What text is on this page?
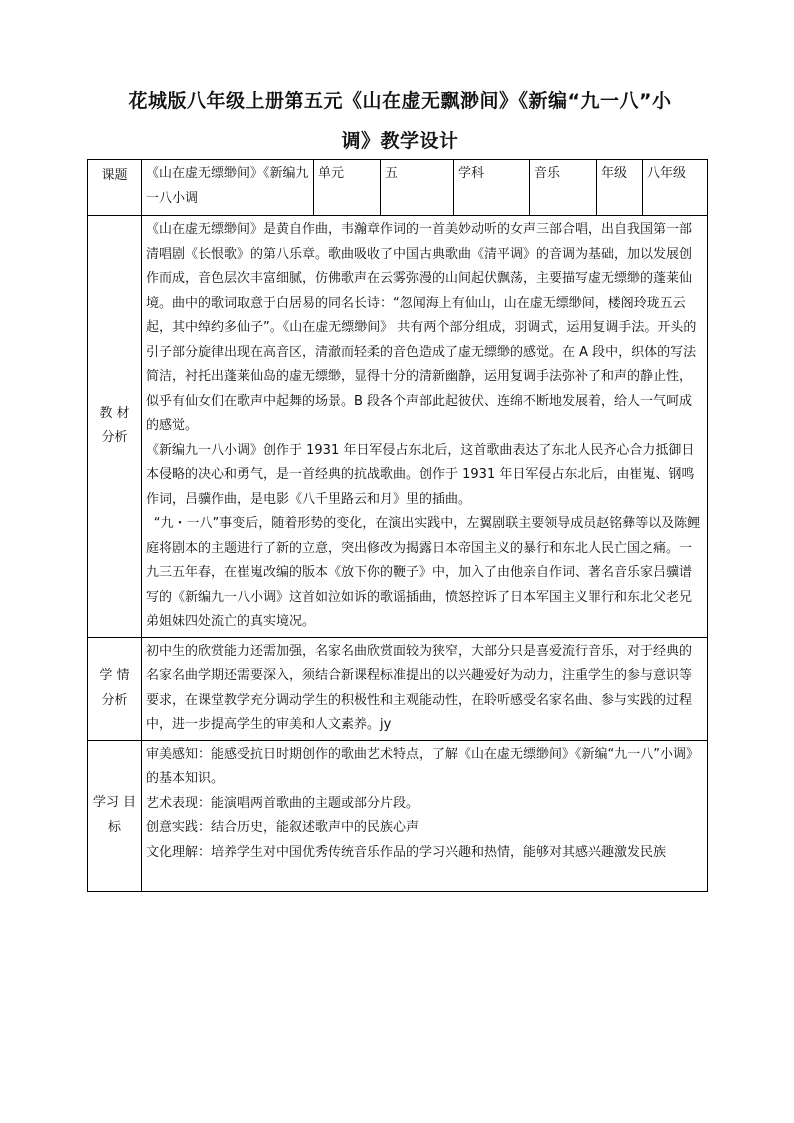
花城版八年级上册第五元《山在虚无飘渺间》《新编“九一八”小
调》教学设计
课题	《山在虚无缥缈间》《新编九一八小调	单元	五	学科	音乐	年级	八年级
教 材 分析	《山在虚无缥缈间》是黄自作曲，韦瀚章作词的一首美妙动听的女声三部合唱，出自我国第一部清唱剧《长恨歌》的第八乐章。歌曲吸收了中国古典歌曲《清平调》的音调为基础，加以发展创作而成，音色层次丰富细腻，仿佛歌声在云雾弥漫的山间起伏飘荡，主要描写虚无缥缈的蓬莱仙境。曲中的歌词取意于白居易的同名长诗：“忽闻海上有仙山，山在虚无缥缈间，楼阁玲珑五云起，其中绰约多仙子”。《山在虚无缥缈间》 共有两个部分组成，羽调式，运用复调手法。开头的引子部分旋律出现在高音区，清澈而轻柔的音色造成了虚无缥缈的感觉。在 A 段中，织体的写法简洁，衬托出蓬莱仙岛的虚无缥缈，显得十分的清新幽静，运用复调手法弥补了和声的静止性，似乎有仙女们在歌声中起舞的场景。B 段各个声部此起彼伏、连绵不断地发展着，给人一气呵成的感觉。

《新编九一八小调》创作于 1931 年日军侵占东北后，这首歌曲表达了东北人民齐心合力抵御日本侵略的决心和勇气，是一首经典的抗战歌曲。创作于 1931 年日军侵占东北后，由崔嵬、钢鸣作词，吕骥作曲，是电影《八千里路云和月》里的插曲。

“九・一八”事变后，随着形势的变化，在演出实践中，左翼剧联主要领导成员赵铭彝等以及陈鲤庭将剧本的主题进行了新的立意，突出修改为揭露日本帝国主义的暴行和东北人民亡国之痛。一九三五年春，在崔嵬改编的版本《放下你的鞭子》中，加入了由他亲自作词、著名音乐家吕骥谱写的《新编九一八小调》这首如泣如诉的歌谣插曲，愤怒控诉了日本军国主义罪行和东北父老兄弟姐妹四处流亡的真实境况。						

学 情 分析	初中生的欣赏能力还需加强，名家名曲欣赏面较为狭窄，大部分只是喜爱流行音乐，对于经典的名家名曲学期还需要深入，须结合新课程标准提出的以兴趣爱好为动力，注重学生的参与意识等要求，在课堂教学充分调动学生的积极性和主观能动性，在聆听感受名家名曲、参与实践的过程中，进一步提高学生的审美和人文素养。jy						

学习 目标	审美感知：能感受抗日时期创作的歌曲艺术特点，了解《山在虚无缥缈间》《新编“九一八”小调》的基本知识。

艺术表现：能演唱两首歌曲的主题或部分片段。

创意实践：结合历史，能叙述歌声中的民族心声

文化理解：培养学生对中国优秀传统音乐作品的学习兴趣和热情，能够对其感兴趣激发民族						
